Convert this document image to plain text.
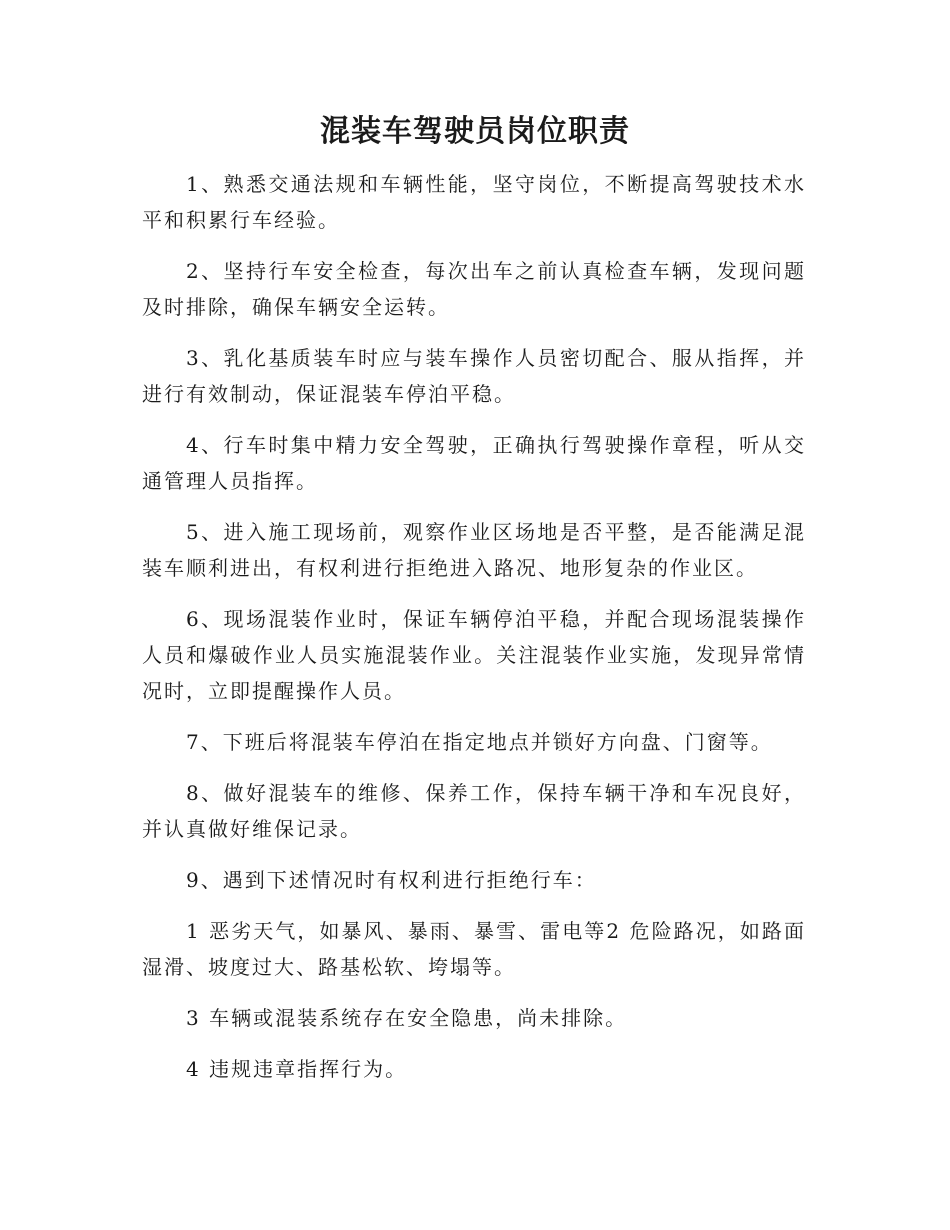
混装车驾驶员岗位职责

1、熟悉交通法规和车辆性能，坚守岗位，不断提高驾驶技术水平和积累行车经验。

2、坚持行车安全检查，每次出车之前认真检查车辆，发现问题及时排除，确保车辆安全运转。

3、乳化基质装车时应与装车操作人员密切配合、服从指挥，并进行有效制动，保证混装车停泊平稳。

4、行车时集中精力安全驾驶，正确执行驾驶操作章程，听从交通管理人员指挥。

5、进入施工现场前，观察作业区场地是否平整，是否能满足混装车顺利进出，有权利进行拒绝进入路况、地形复杂的作业区。

6、现场混装作业时，保证车辆停泊平稳，并配合现场混装操作人员和爆破作业人员实施混装作业。关注混装作业实施，发现异常情况时，立即提醒操作人员。

7、下班后将混装车停泊在指定地点并锁好方向盘、门窗等。

8、做好混装车的维修、保养工作，保持车辆干净和车况良好，并认真做好维保记录。

9、遇到下述情况时有权利进行拒绝行车：

1 恶劣天气，如暴风、暴雨、暴雪、雷电等2 危险路况，如路面湿滑、坡度过大、路基松软、垮塌等。

3 车辆或混装系统存在安全隐患，尚未排除。

4 违规违章指挥行为。
